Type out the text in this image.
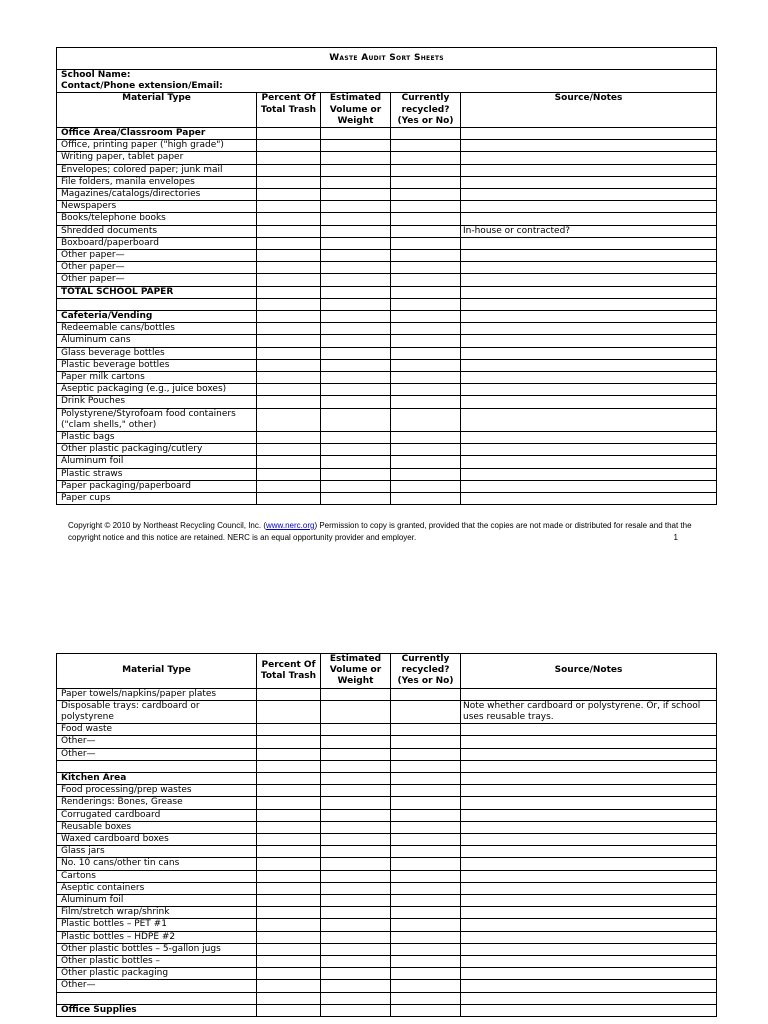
Waste Audit Sort Sheets				

School Name:
Contact/Phone extension/Email:				

Material Type	Percent Of Total Trash	Estimated Volume or Weight	Currently recycled? (Yes or No)	Source/Notes
Office Area/Classroom Paper				
Office, printing paper ("high grade")				
Writing paper, tablet paper				
Envelopes; colored paper; junk mail				
File folders, manila envelopes				
Magazines/catalogs/directories				
Newspapers				
Books/telephone books				
Shredded documents				In-house or contracted?
Boxboard/paperboard				
Other paper—				
Other paper—				
Other paper—				
TOTAL SCHOOL PAPER				

Cafeteria/Vending				
Redeemable cans/bottles				
Aluminum cans				
Glass beverage bottles				
Plastic beverage bottles				
Paper milk cartons				
Aseptic packaging (e.g., juice boxes)				
Drink Pouches				
Polystyrene/Styrofoam food containers ("clam shells," other)				
Plastic bags				
Other plastic packaging/cutlery				
Aluminum foil				
Plastic straws				
Paper packaging/paperboard				
Paper cups				
Copyright © 2010 by Northeast Recycling Council, Inc. (www.nerc.org) Permission to copy is granted, provided that the copies are not made or distributed for resale and that the copyright notice and this notice are retained. NERC is an equal opportunity provider and employer.	1
Material Type	Percent Of Total Trash	Estimated Volume or Weight	Currently recycled? (Yes or No)	Source/Notes
Paper towels/napkins/paper plates				
Disposable trays: cardboard or polystyrene				Note whether cardboard or polystyrene. Or, if school uses reusable trays.
Food waste				
Other—				
Other—				

Kitchen Area				
Food processing/prep wastes				
Renderings: Bones, Grease				
Corrugated cardboard				
Reusable boxes				
Waxed cardboard boxes				
Glass jars				
No. 10 cans/other tin cans				
Cartons				
Aseptic containers				
Aluminum foil				
Film/stretch wrap/shrink				
Plastic bottles – PET #1				
Plastic bottles – HDPE #2				
Other plastic bottles – 5-gallon jugs				
Other plastic bottles –				
Other plastic packaging				
Other—				

Office Supplies				
